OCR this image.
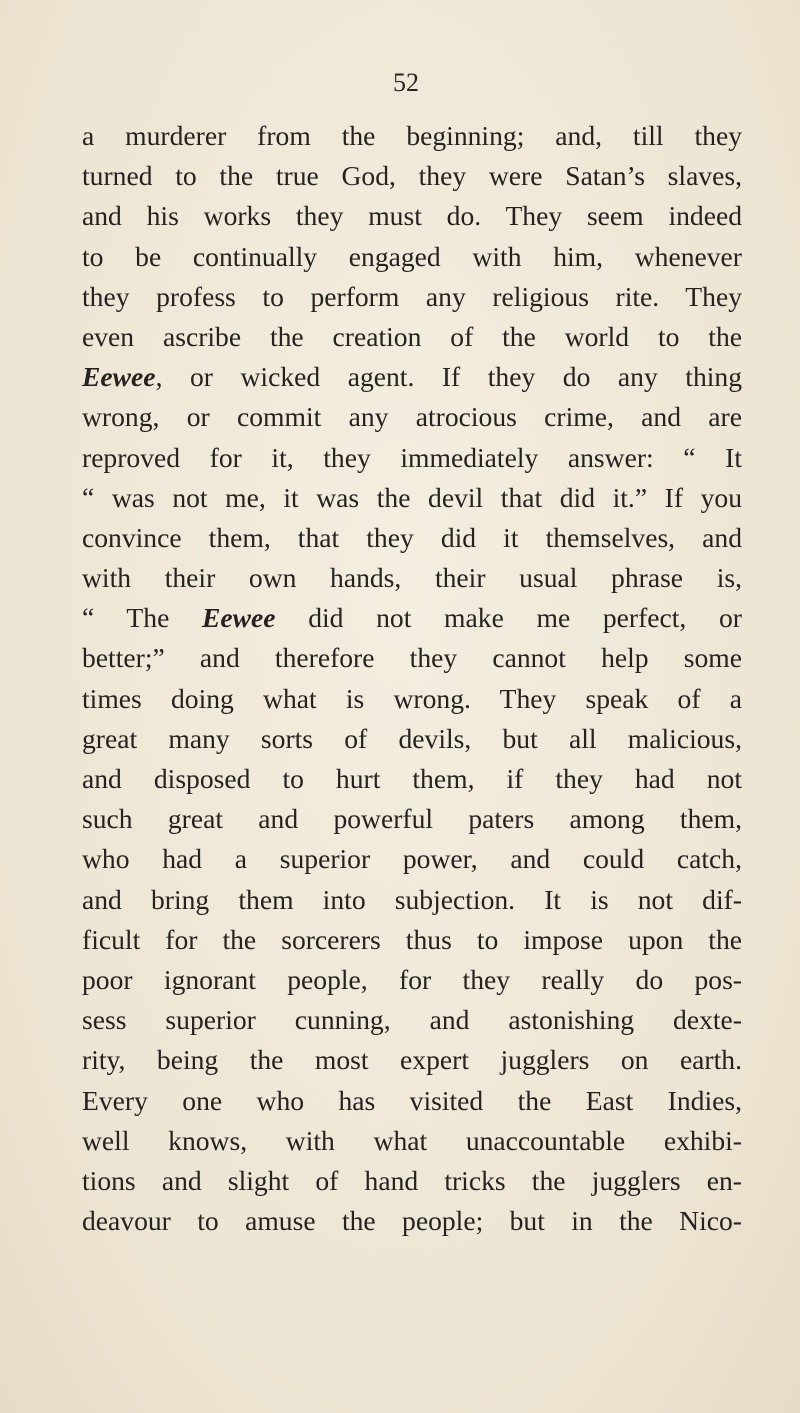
52
a murderer from the beginning; and, till they
turned to the true God, they were Satan’s slaves,
and his works they must do. They seem indeed
to be continually engaged with him, whenever
they profess to perform any religious rite. They
even ascribe the creation of the world to the
Eewee, or wicked agent. If they do any thing
wrong, or commit any atrocious crime, and are
reproved for it, they immediately answer: “ It
“ was not me, it was the devil that did it.” If you
convince them, that they did it themselves, and
with their own hands, their usual phrase is,
“ The Eewee did not make me perfect, or
better;” and therefore they cannot help some
times doing what is wrong. They speak of a
great many sorts of devils, but all malicious,
and disposed to hurt them, if they had not
such great and powerful paters among them,
who had a superior power, and could catch,
and bring them into subjection. It is not dif-
ficult for the sorcerers thus to impose upon the
poor ignorant people, for they really do pos-
sess superior cunning, and astonishing dexte-
rity, being the most expert jugglers on earth.
Every one who has visited the East Indies,
well knows, with what unaccountable exhibi-
tions and slight of hand tricks the jugglers en-
deavour to amuse the people; but in the Nico-
